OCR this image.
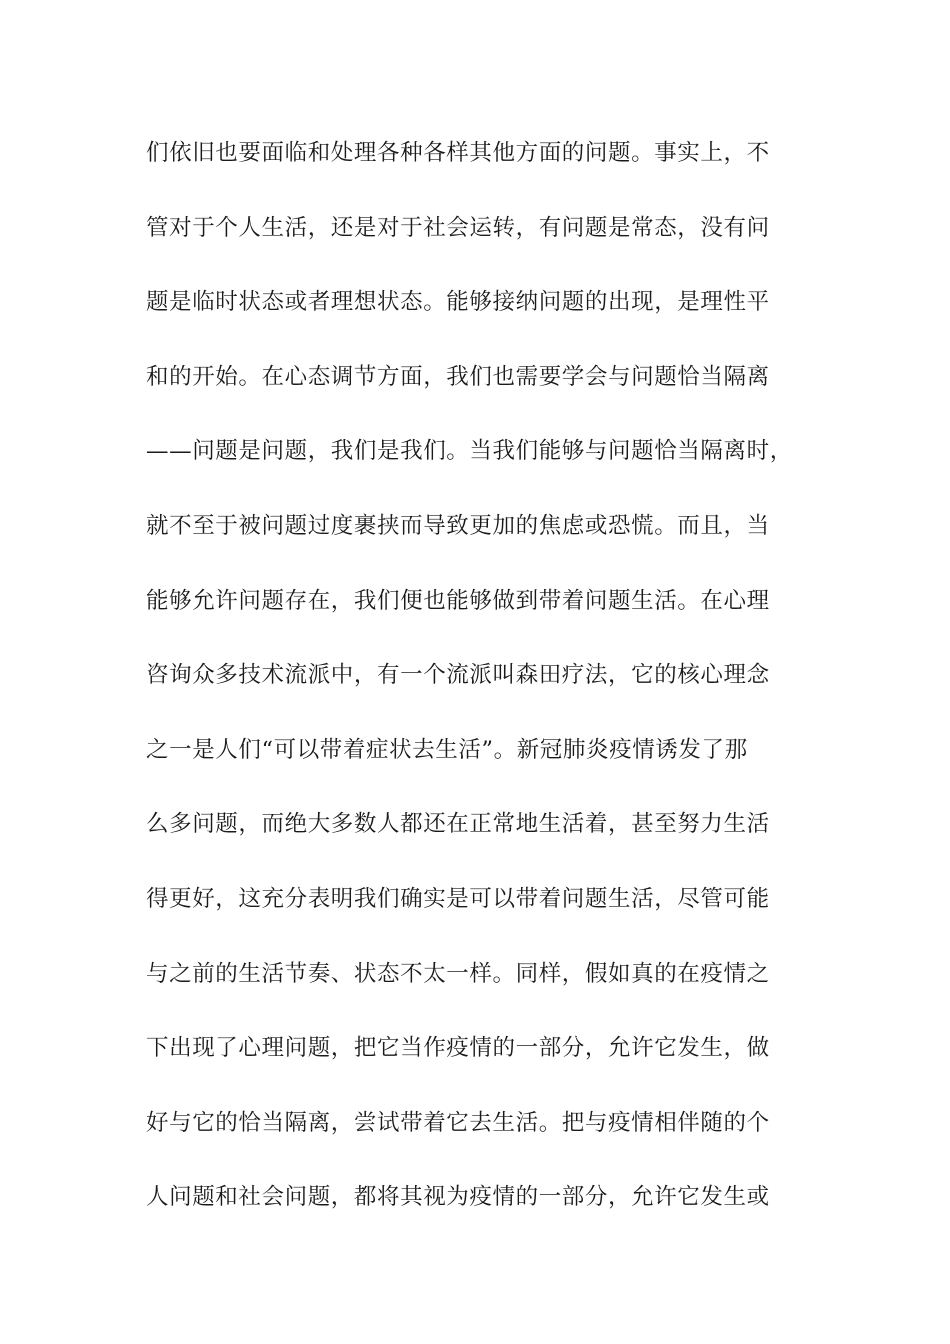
们依旧也要面临和处理各种各样其他方面的问题。事实上，不
管对于个人生活，还是对于社会运转，有问题是常态，没有问
题是临时状态或者理想状态。能够接纳问题的出现，是理性平
和的开始。在心态调节方面，我们也需要学会与问题恰当隔离
——问题是问题，我们是我们。当我们能够与问题恰当隔离时，
就不至于被问题过度裹挟而导致更加的焦虑或恐慌。而且，当
能够允许问题存在，我们便也能够做到带着问题生活。在心理
咨询众多技术流派中，有一个流派叫森田疗法，它的核心理念
之一是人们“可以带着症状去生活”。新冠肺炎疫情诱发了那
么多问题，而绝大多数人都还在正常地生活着，甚至努力生活
得更好，这充分表明我们确实是可以带着问题生活，尽管可能
与之前的生活节奏、状态不太一样。同样，假如真的在疫情之
下出现了心理问题，把它当作疫情的一部分，允许它发生，做
好与它的恰当隔离，尝试带着它去生活。把与疫情相伴随的个
人问题和社会问题，都将其视为疫情的一部分，允许它发生或
